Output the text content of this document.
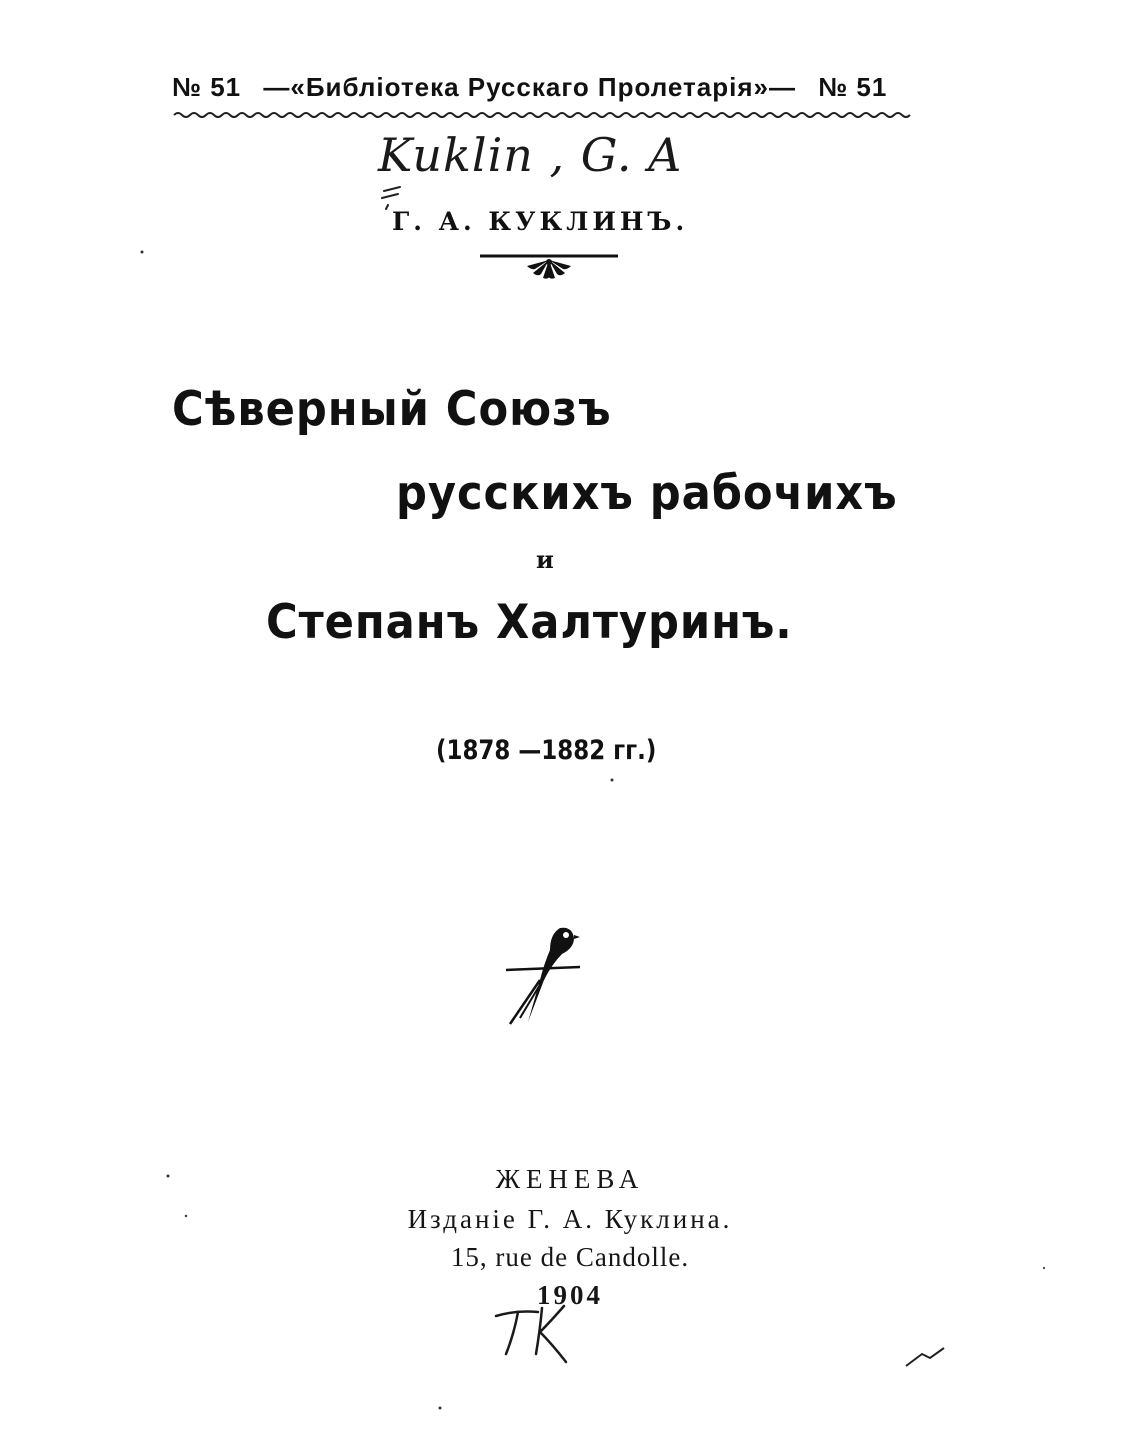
№ 51 —«Библіотека Русскаго Пролетарія»— № 51
Kuklin , G. A
Г. А. КУКЛИНЪ.
Сѣверный Союзъ
русскихъ рабочихъ
и
Степанъ Халтуринъ.
(1878 —1882 гг.)
ЖЕНЕВА
Изданіе Г. А. Куклина.
15, rue de Candolle.
1904
